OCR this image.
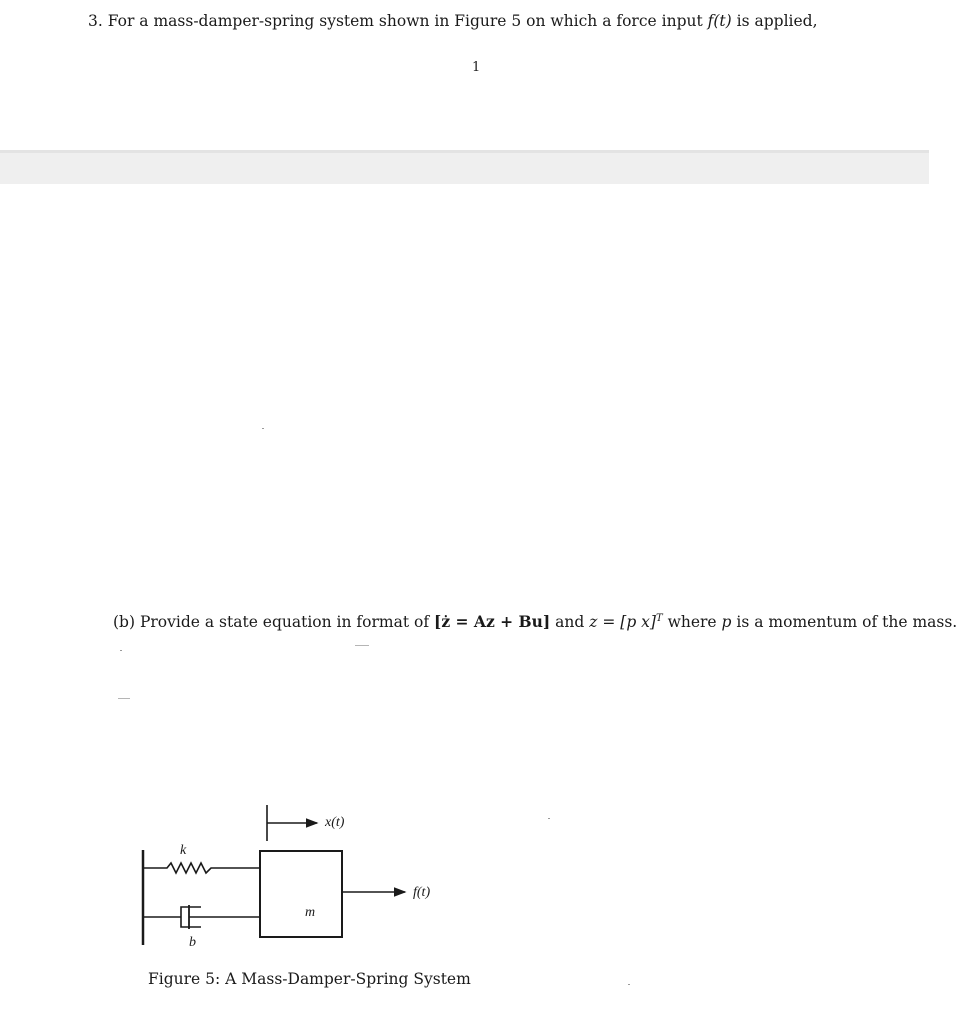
3. For a mass-damper-spring system shown in Figure 5 on which a force input f(t) is applied,
1
(b) Provide a state equation in format of [ż = Az + Bu] and z = [p x]$^T$ where p is a momentum of the mass.
k
b
m
x(t)
f(t)
Figure 5: A Mass-Damper-Spring System
